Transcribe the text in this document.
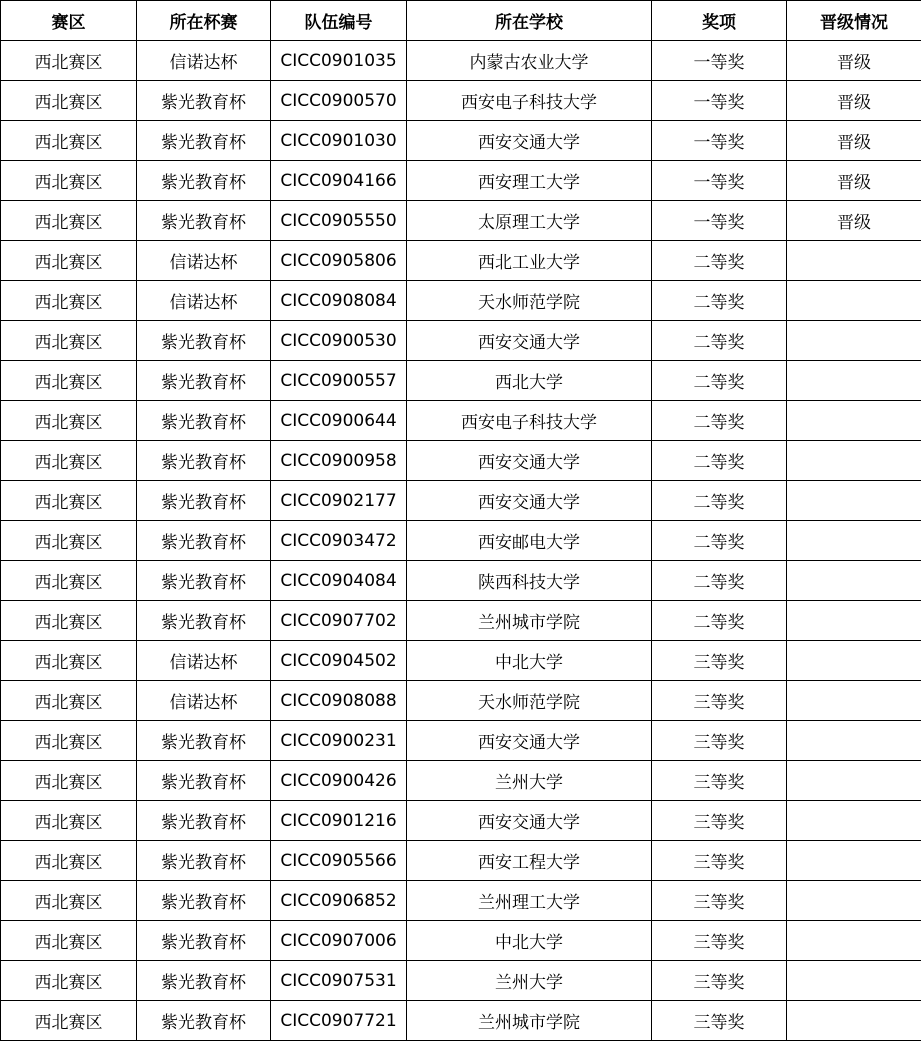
赛区	所在杯赛	队伍编号	所在学校	奖项	晋级情况
西北赛区	信诺达杯	CICC0901035	内蒙古农业大学	一等奖	晋级
西北赛区	紫光教育杯	CICC0900570	西安电子科技大学	一等奖	晋级
西北赛区	紫光教育杯	CICC0901030	西安交通大学	一等奖	晋级
西北赛区	紫光教育杯	CICC0904166	西安理工大学	一等奖	晋级
西北赛区	紫光教育杯	CICC0905550	太原理工大学	一等奖	晋级
西北赛区	信诺达杯	CICC0905806	西北工业大学	二等奖	
西北赛区	信诺达杯	CICC0908084	天水师范学院	二等奖	
西北赛区	紫光教育杯	CICC0900530	西安交通大学	二等奖	
西北赛区	紫光教育杯	CICC0900557	西北大学	二等奖	
西北赛区	紫光教育杯	CICC0900644	西安电子科技大学	二等奖	
西北赛区	紫光教育杯	CICC0900958	西安交通大学	二等奖	
西北赛区	紫光教育杯	CICC0902177	西安交通大学	二等奖	
西北赛区	紫光教育杯	CICC0903472	西安邮电大学	二等奖	
西北赛区	紫光教育杯	CICC0904084	陕西科技大学	二等奖	
西北赛区	紫光教育杯	CICC0907702	兰州城市学院	二等奖	
西北赛区	信诺达杯	CICC0904502	中北大学	三等奖	
西北赛区	信诺达杯	CICC0908088	天水师范学院	三等奖	
西北赛区	紫光教育杯	CICC0900231	西安交通大学	三等奖	
西北赛区	紫光教育杯	CICC0900426	兰州大学	三等奖	
西北赛区	紫光教育杯	CICC0901216	西安交通大学	三等奖	
西北赛区	紫光教育杯	CICC0905566	西安工程大学	三等奖	
西北赛区	紫光教育杯	CICC0906852	兰州理工大学	三等奖	
西北赛区	紫光教育杯	CICC0907006	中北大学	三等奖	
西北赛区	紫光教育杯	CICC0907531	兰州大学	三等奖	
西北赛区	紫光教育杯	CICC0907721	兰州城市学院	三等奖	
